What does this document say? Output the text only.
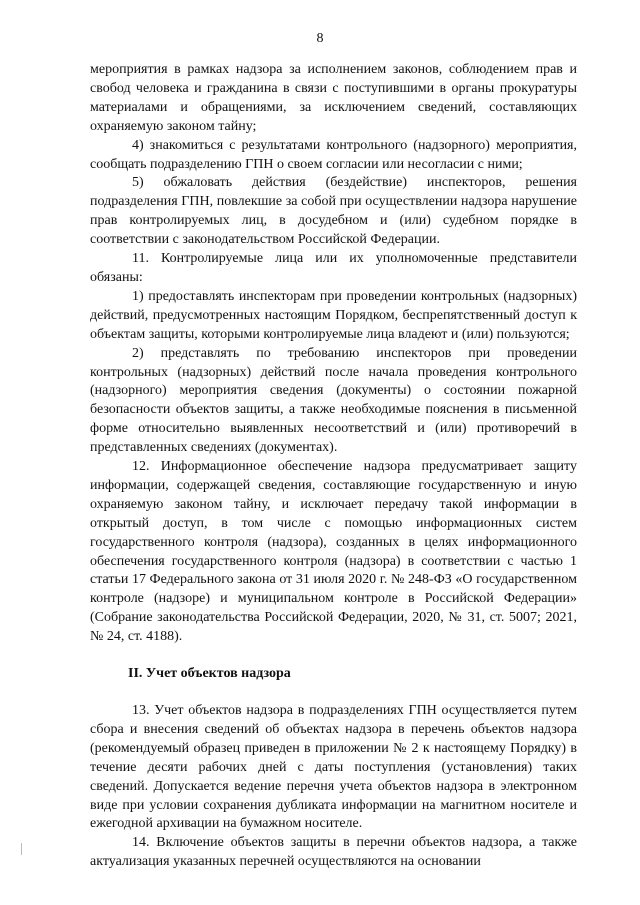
8

мероприятия в рамках надзора за исполнением законов, соблюдением прав и свобод человека и гражданина в связи с поступившими в органы прокуратуры материалами и обращениями, за исключением сведений, составляющих охраняемую законом тайну;

4) знакомиться с результатами контрольного (надзорного) мероприятия, сообщать подразделению ГПН о своем согласии или несогласии с ними;

5) обжаловать действия (бездействие) инспекторов, решения подразделения ГПН, повлекшие за собой при осуществлении надзора нарушение прав контролируемых лиц, в досудебном и (или) судебном порядке в соответствии с законодательством Российской Федерации.

11. Контролируемые лица или их уполномоченные представители обязаны:

1) предоставлять инспекторам при проведении контрольных (надзорных) действий, предусмотренных настоящим Порядком, беспрепятственный доступ к объектам защиты, которыми контролируемые лица владеют и (или) пользуются;

2) представлять по требованию инспекторов при проведении контрольных (надзорных) действий после начала проведения контрольного (надзорного) мероприятия сведения (документы) о состоянии пожарной безопасности объектов защиты, а также необходимые пояснения в письменной форме относительно выявленных несоответствий и (или) противоречий в представленных сведениях (документах).

12. Информационное обеспечение надзора предусматривает защиту информации, содержащей сведения, составляющие государственную и иную охраняемую законом тайну, и исключает передачу такой информации в открытый доступ, в том числе с помощью информационных систем государственного контроля (надзора), созданных в целях информационного обеспечения государственного контроля (надзора) в соответствии с частью 1 статьи 17 Федерального закона от 31 июля 2020 г. № 248-ФЗ «О государственном контроле (надзоре) и муниципальном контроле в Российской Федерации» (Собрание законодательства Российской Федерации, 2020, № 31, ст. 5007; 2021, № 24, ст. 4188).

II. Учет объектов надзора

13. Учет объектов надзора в подразделениях ГПН осуществляется путем сбора и внесения сведений об объектах надзора в перечень объектов надзора (рекомендуемый образец приведен в приложении № 2 к настоящему Порядку) в течение десяти рабочих дней с даты поступления (установления) таких сведений. Допускается ведение перечня учета объектов надзора в электронном виде при условии сохранения дубликата информации на магнитном носителе и ежегодной архивации на бумажном носителе.

14. Включение объектов защиты в перечни объектов надзора, а также актуализация указанных перечней осуществляются на основании
